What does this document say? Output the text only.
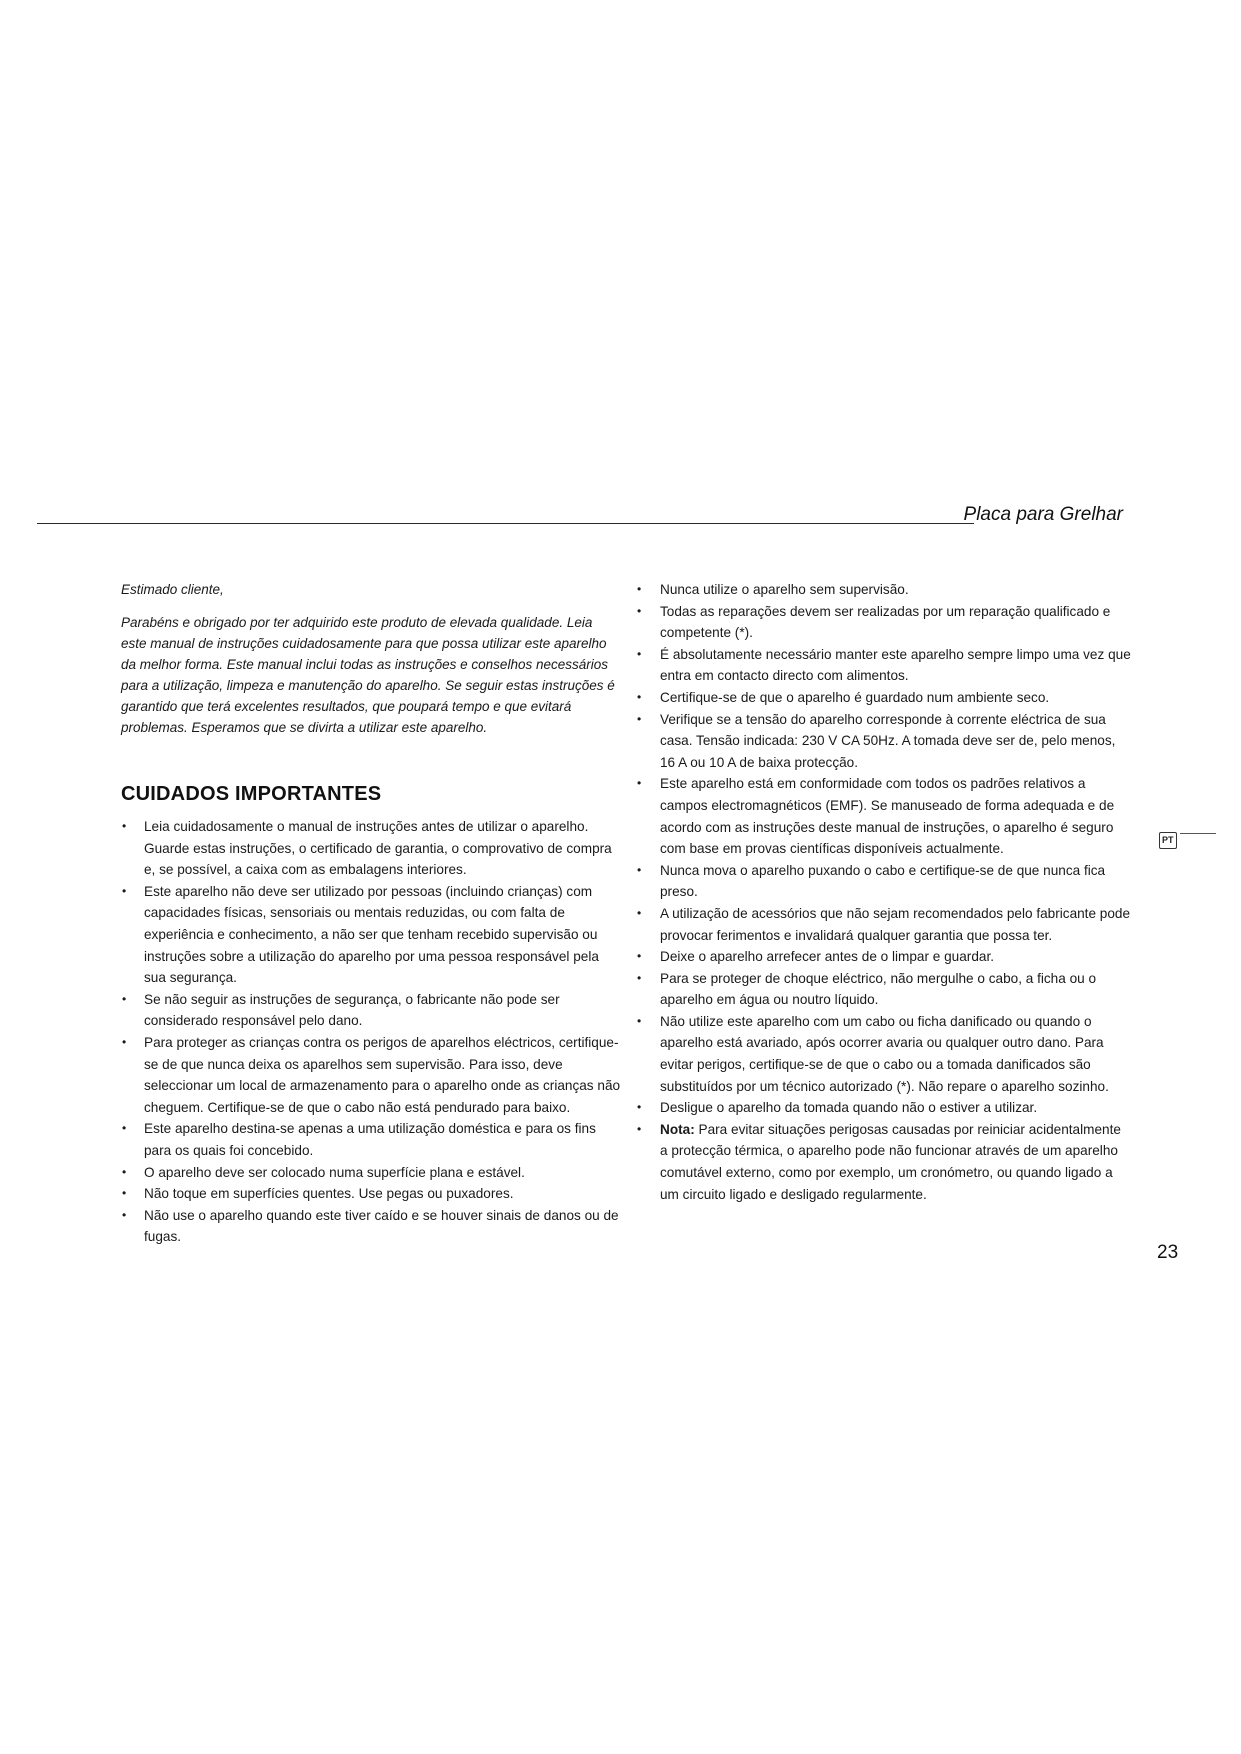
Placa para Grelhar
PT
23

Estimado cliente,

Parabéns e obrigado por ter adquirido este produto de elevada qualidade. Leia este manual de instruções cuidadosamente para que possa utilizar este aparelho da melhor forma. Este manual inclui todas as instruções e conselhos necessários para a utilização, limpeza e manutenção do aparelho. Se seguir estas instruções é garantido que terá excelentes resultados, que poupará tempo e que evitará problemas. Esperamos que se divirta a utilizar este aparelho.

CUIDADOS IMPORTANTES
• Leia cuidadosamente o manual de instruções antes de utilizar o aparelho. Guarde estas instruções, o certificado de garantia, o comprovativo de compra e, se possível, a caixa com as embalagens interiores.
• Este aparelho não deve ser utilizado por pessoas (incluindo crianças) com capacidades físicas, sensoriais ou mentais reduzidas, ou com falta de experiência e conhecimento, a não ser que tenham recebido supervisão ou instruções sobre a utilização do aparelho por uma pessoa responsável pela sua segurança.
• Se não seguir as instruções de segurança, o fabricante não pode ser considerado responsável pelo dano.
• Para proteger as crianças contra os perigos de aparelhos eléctricos, certifique-se de que nunca deixa os aparelhos sem supervisão. Para isso, deve seleccionar um local de armazenamento para o aparelho onde as crianças não cheguem. Certifique-se de que o cabo não está pendurado para baixo.
• Este aparelho destina-se apenas a uma utilização doméstica e para os fins para os quais foi concebido.
• O aparelho deve ser colocado numa superfície plana e estável.
• Não toque em superfícies quentes. Use pegas ou puxadores.
• Não use o aparelho quando este tiver caído e se houver sinais de danos ou de fugas.
• Nunca utilize o aparelho sem supervisão.
• Todas as reparações devem ser realizadas por um reparação qualificado e competente (*).
• É absolutamente necessário manter este aparelho sempre limpo uma vez que entra em contacto directo com alimentos.
• Certifique-se de que o aparelho é guardado num ambiente seco.
• Verifique se a tensão do aparelho corresponde à corrente eléctrica de sua casa. Tensão indicada: 230 V CA 50Hz. A tomada deve ser de, pelo menos, 16 A ou 10 A de baixa protecção.
• Este aparelho está em conformidade com todos os padrões relativos a campos electromagnéticos (EMF). Se manuseado de forma adequada e de acordo com as instruções deste manual de instruções, o aparelho é seguro com base em provas científicas disponíveis actualmente.
• Nunca mova o aparelho puxando o cabo e certifique-se de que nunca fica preso.
• A utilização de acessórios que não sejam recomendados pelo fabricante pode provocar ferimentos e invalidará qualquer garantia que possa ter.
• Deixe o aparelho arrefecer antes de o limpar e guardar.
• Para se proteger de choque eléctrico, não mergulhe o cabo, a ficha ou o aparelho em água ou noutro líquido.
• Não utilize este aparelho com um cabo ou ficha danificado ou quando o aparelho está avariado, após ocorrer avaria ou qualquer outro dano. Para evitar perigos, certifique-se de que o cabo ou a tomada danificados são substituídos por um técnico autorizado (*). Não repare o aparelho sozinho.
• Desligue o aparelho da tomada quando não o estiver a utilizar.
• Nota: Para evitar situações perigosas causadas por reiniciar acidentalmente a protecção térmica, o aparelho pode não funcionar através de um aparelho comutável externo, como por exemplo, um cronómetro, ou quando ligado a um circuito ligado e desligado regularmente.
